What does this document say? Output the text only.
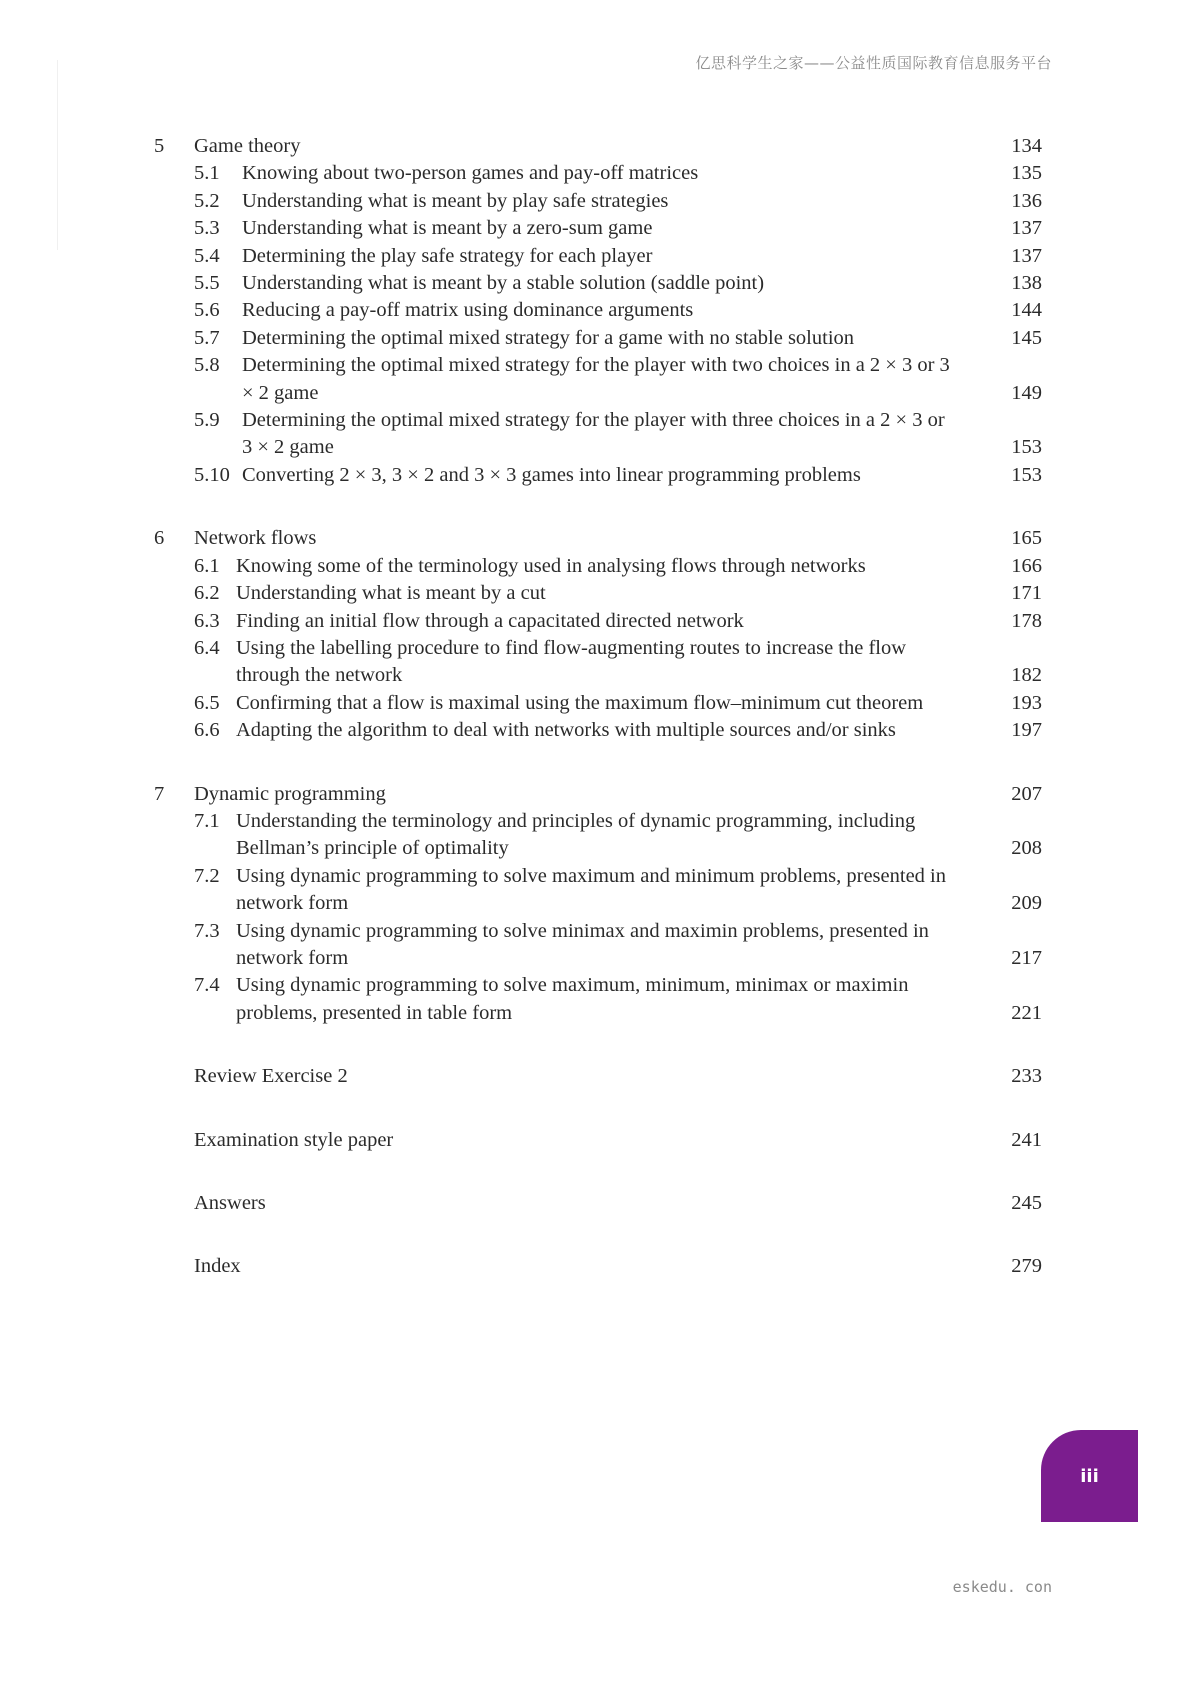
亿思科学生之家——公益性质国际教育信息服务平台
5	Game theory	134
5.1	Knowing about two-person games and pay-off matrices	135
5.2	Understanding what is meant by play safe strategies	136
5.3	Understanding what is meant by a zero-sum game	137
5.4	Determining the play safe strategy for each player	137
5.5	Understanding what is meant by a stable solution (saddle point)	138
5.6	Reducing a pay-off matrix using dominance arguments	144
5.7	Determining the optimal mixed strategy for a game with no stable solution	145
5.8	Determining the optimal mixed strategy for the player with two choices in a 2 × 3 or 3 × 2 game	149
5.9	Determining the optimal mixed strategy for the player with three choices in a 2 × 3 or 3 × 2 game	153
5.10 Converting 2 × 3, 3 × 2 and 3 × 3 games into linear programming problems	153
6	Network flows	165
6.1 Knowing some of the terminology used in analysing flows through networks	166
6.2 Understanding what is meant by a cut	171
6.3 Finding an initial flow through a capacitated directed network	178
6.4 Using the labelling procedure to find flow-augmenting routes to increase the flow through the network	182
6.5 Confirming that a flow is maximal using the maximum flow–minimum cut theorem	193
6.6 Adapting the algorithm to deal with networks with multiple sources and/or sinks	197
7	Dynamic programming	207
7.1 Understanding the terminology and principles of dynamic programming, including Bellman’s principle of optimality	208
7.2 Using dynamic programming to solve maximum and minimum problems, presented in network form	209
7.3 Using dynamic programming to solve minimax and maximin problems, presented in network form	217
7.4 Using dynamic programming to solve maximum, minimum, minimax or maximin problems, presented in table form	221
Review Exercise 2	233
Examination style paper	241
Answers	245
Index	279
iii
eskedu. con
